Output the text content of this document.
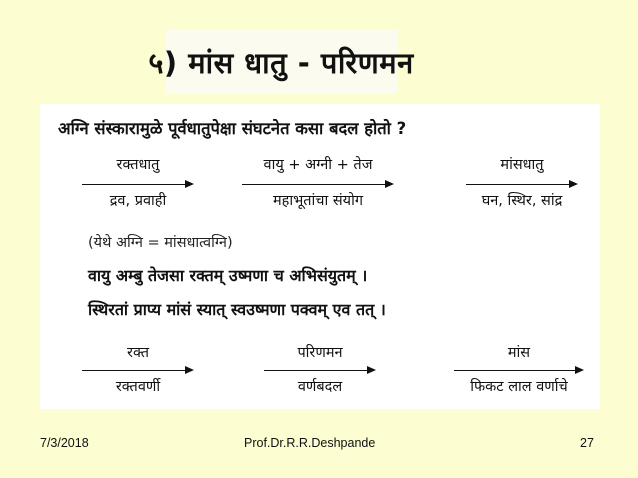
५) मांस धातु - परिणमन
अग्नि संस्कारामुळे पूर्वधातुपेक्षा संघटनेत कसा बदल होतो ?
रक्तधातु
द्रव, प्रवाही
वायु + अग्नी + तेज
महाभूतांचा संयोग
मांसधातु
घन, स्थिर, सांद्र
(येथे अग्नि = मांसधात्वग्नि)
वायु अम्बु तेजसा रक्तम् उष्मणा च अभिसंयुतम् ।
स्थिरतां प्राप्य मांसं स्यात् स्वउष्मणा पक्वम् एव तत् ।
रक्त
रक्तवर्णी
परिणमन
वर्णबदल
मांस
फिकट लाल वर्णाचे
7/3/2018	Prof.Dr.R.R.Deshpande	27
